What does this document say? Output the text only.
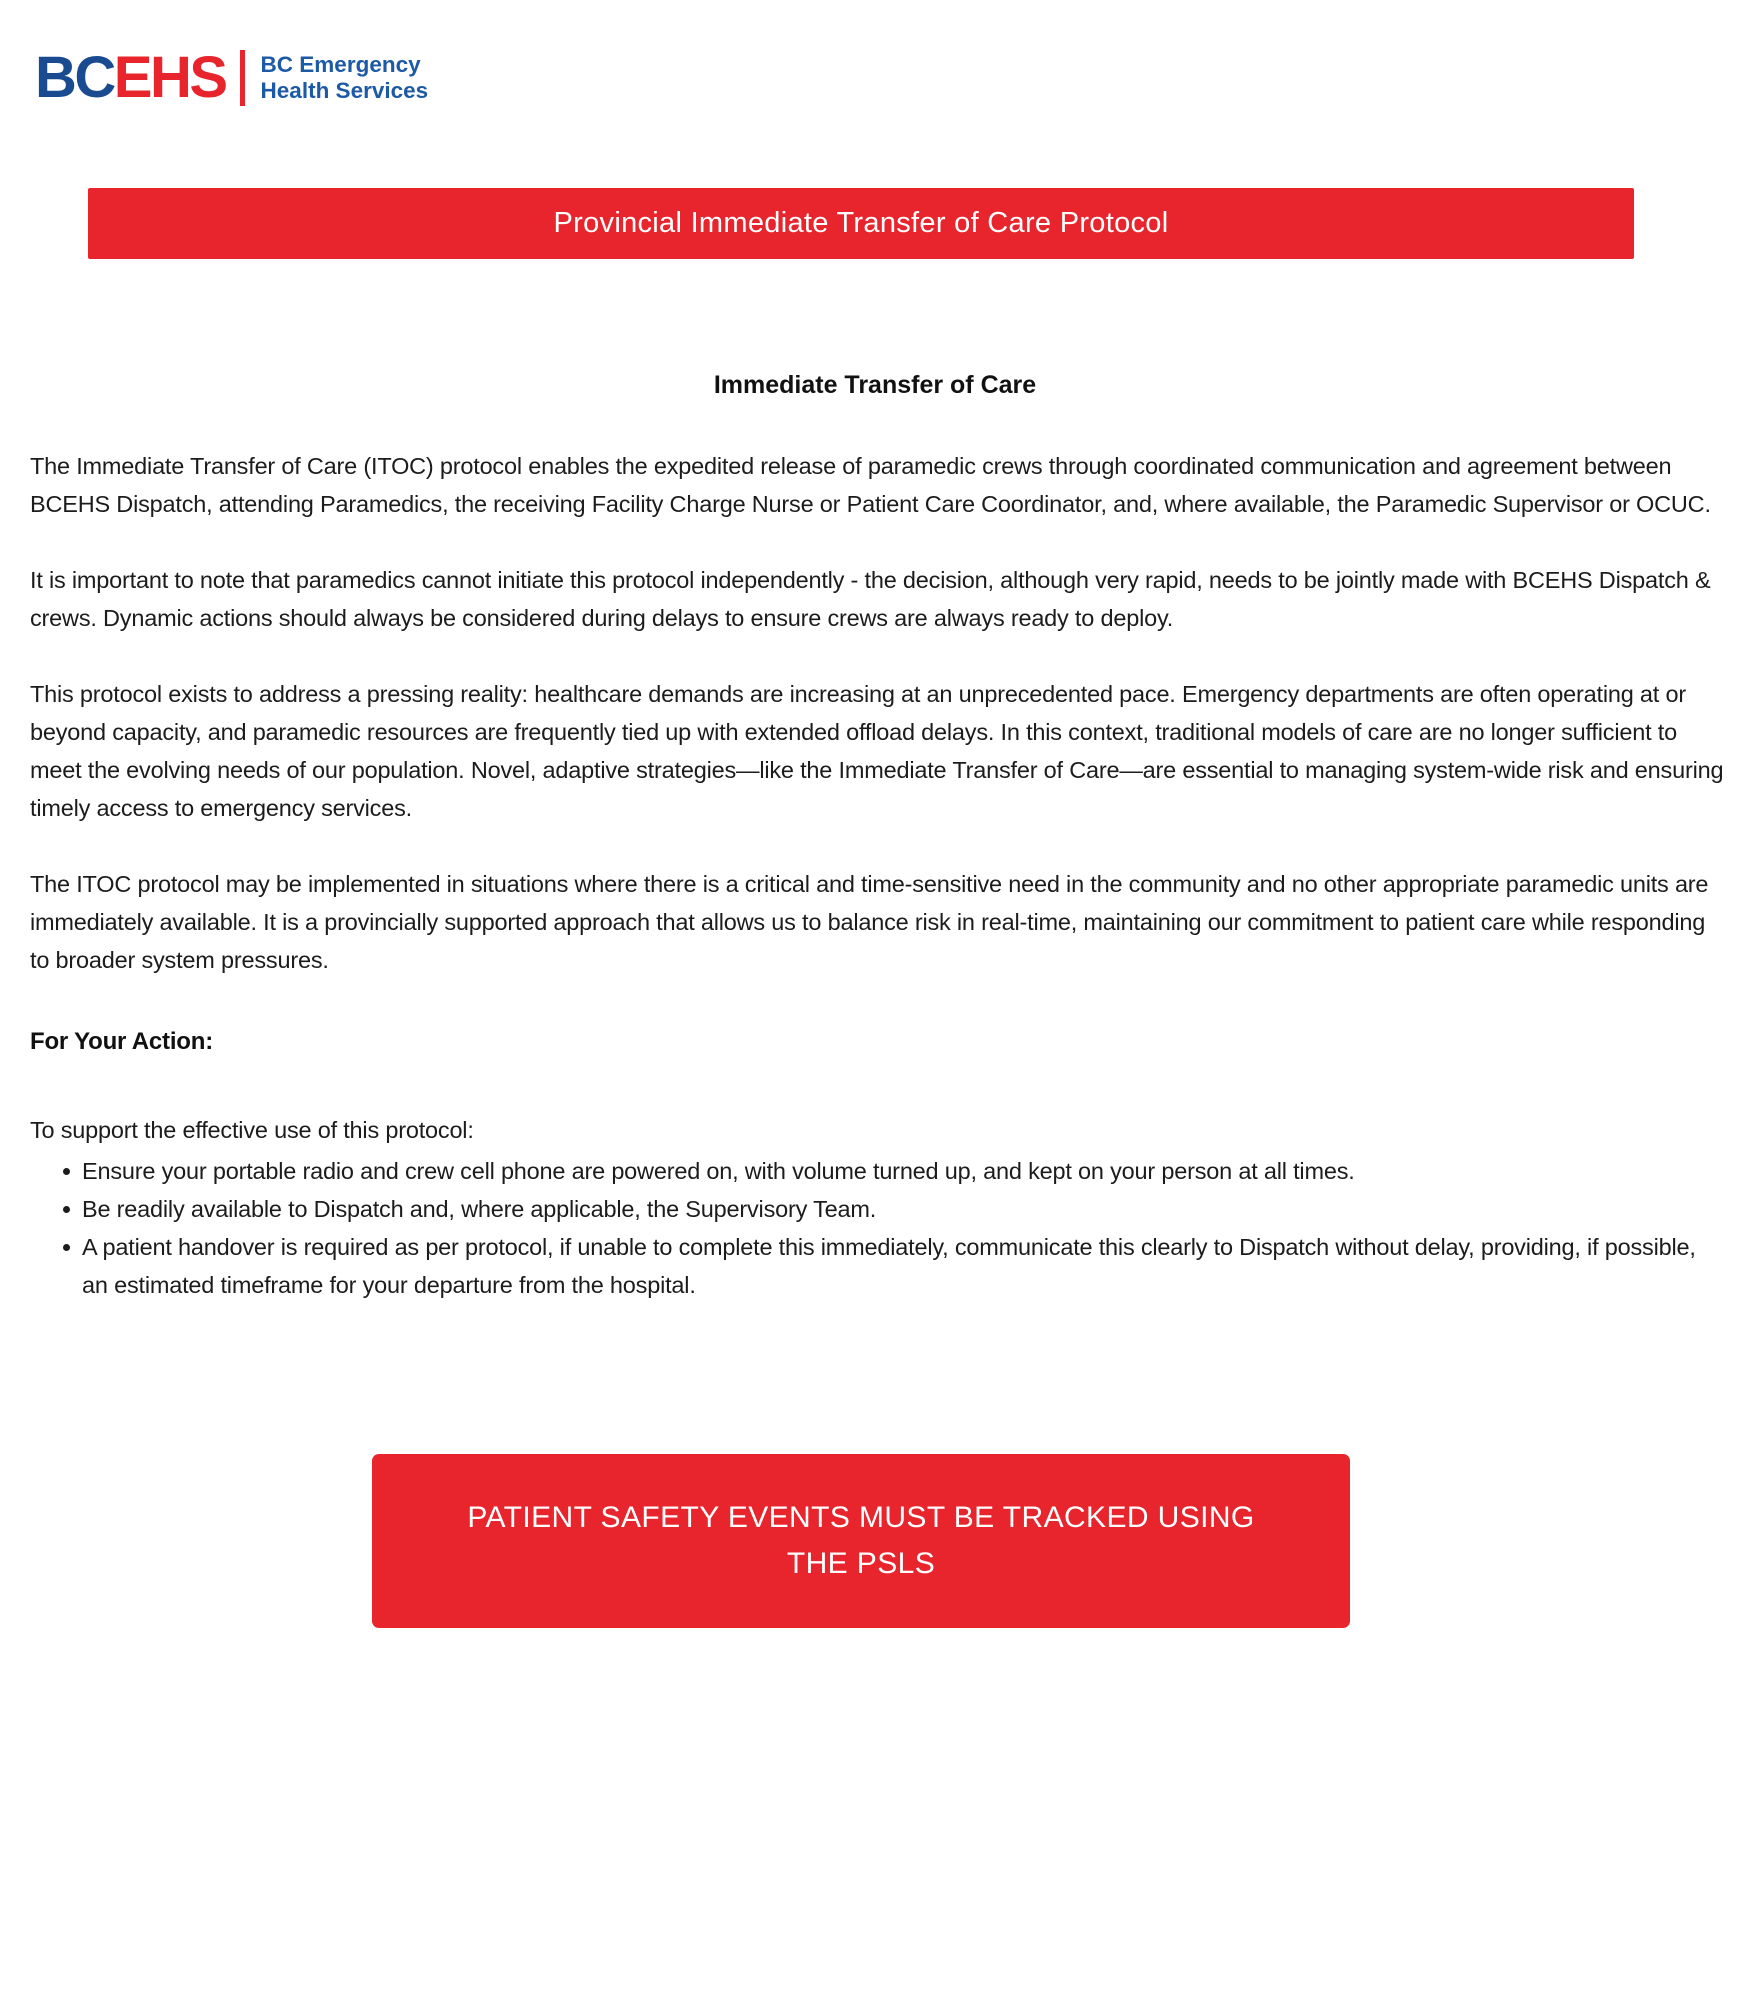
BC EHS BC Emergency
Health Services
Provincial Immediate Transfer of Care Protocol
Immediate Transfer of Care

The Immediate Transfer of Care (ITOC) protocol enables the expedited release of paramedic crews through coordinated communication and agreement between BCEHS Dispatch, attending Paramedics, the receiving Facility Charge Nurse or Patient Care Coordinator, and, where available, the Paramedic Supervisor or OCUC.

It is important to note that paramedics cannot initiate this protocol independently - the decision, although very rapid, needs to be jointly made with BCEHS Dispatch & crews. Dynamic actions should always be considered during delays to ensure crews are always ready to deploy.

This protocol exists to address a pressing reality: healthcare demands are increasing at an unprecedented pace. Emergency departments are often operating at or beyond capacity, and paramedic resources are frequently tied up with extended offload delays. In this context, traditional models of care are no longer sufficient to meet the evolving needs of our population. Novel, adaptive strategies—like the Immediate Transfer of Care—are essential to managing system-wide risk and ensuring timely access to emergency services.

The ITOC protocol may be implemented in situations where there is a critical and time-sensitive need in the community and no other appropriate paramedic units are immediately available. It is a provincially supported approach that allows us to balance risk in real-time, maintaining our commitment to patient care while responding to broader system pressures.

For Your Action:

To support the effective use of this protocol:

Ensure your portable radio and crew cell phone are powered on, with volume turned up, and kept on your person at all times.
Be readily available to Dispatch and, where applicable, the Supervisory Team.
A patient handover is required as per protocol, if unable to complete this immediately, communicate this clearly to Dispatch without delay, providing, if possible, an estimated timeframe for your departure from the hospital.
PATIENT SAFETY EVENTS MUST BE TRACKED USING
THE PSLS
